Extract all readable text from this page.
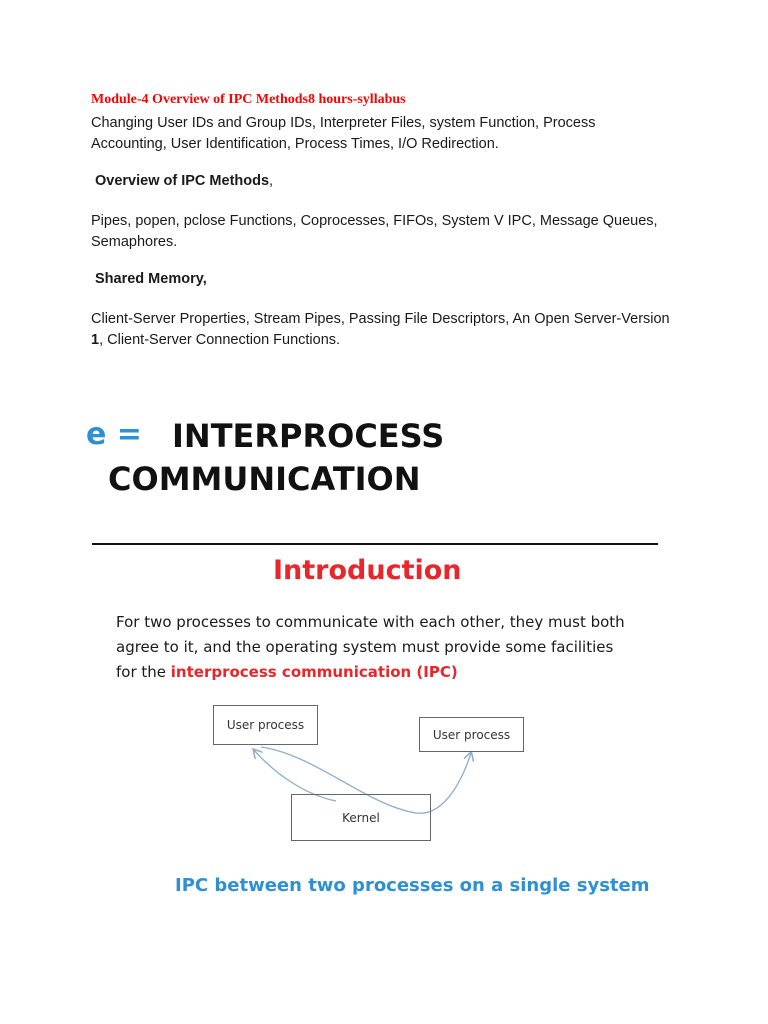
Module-4 Overview of IPC Methods8 hours-syllabus
Changing User IDs and Group IDs, Interpreter Files, system Function, Process
Accounting, User Identification, Process Times, I/O Redirection.
Overview of IPC Methods,
Pipes, popen, pclose Functions, Coprocesses, FIFOs, System V IPC, Message Queues,
Semaphores.
Shared Memory,
Client-Server Properties, Stream Pipes, Passing File Descriptors, An Open Server-Version
1, Client-Server Connection Functions.
e = INTERPROCESS
COMMUNICATION
Introduction
For two processes to communicate with each other, they must both
agree to it, and the operating system must provide some facilities
for the interprocess communication (IPC)
User process
User process
Kernel
IPC between two processes on a single system
